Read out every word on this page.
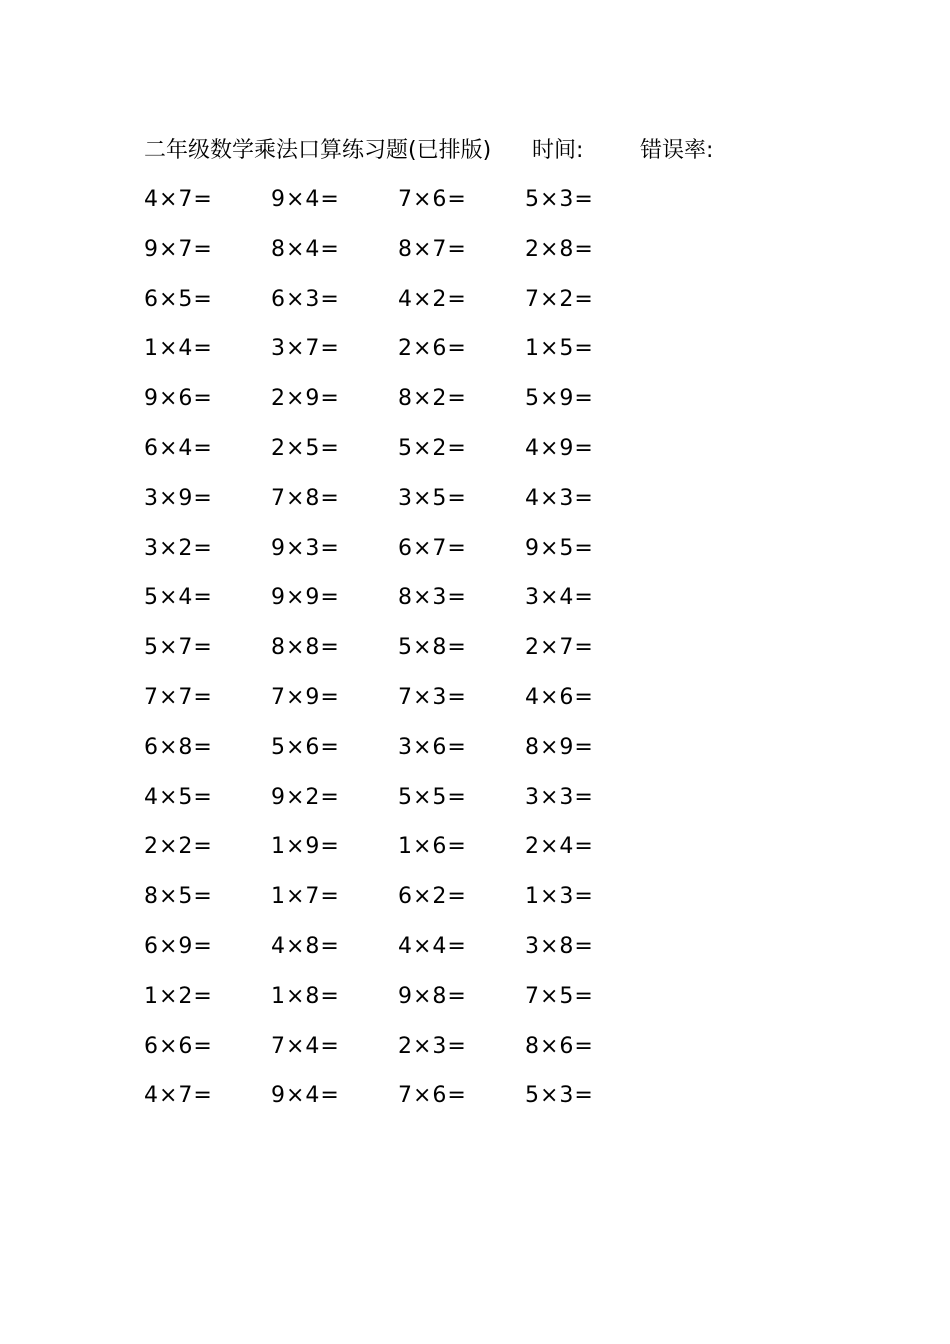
二年级数学乘法口算练习题(已排版) 时间:	错误率:
4×7=	9×4=	7×6=	5×3=
9×7=	8×4=	8×7=	2×8=
6×5=	6×3=	4×2=	7×2=
1×4=	3×7=	2×6=	1×5=
9×6=	2×9=	8×2=	5×9=
6×4=	2×5=	5×2=	4×9=
3×9=	7×8=	3×5=	4×3=
3×2=	9×3=	6×7=	9×5=
5×4=	9×9=	8×3=	3×4=
5×7=	8×8=	5×8=	2×7=
7×7=	7×9=	7×3=	4×6=
6×8=	5×6=	3×6=	8×9=
4×5=	9×2=	5×5=	3×3=
2×2=	1×9=	1×6=	2×4=
8×5=	1×7=	6×2=	1×3=
6×9=	4×8=	4×4=	3×8=
1×2=	1×8=	9×8=	7×5=
6×6=	7×4=	2×3=	8×6=
4×7=	9×4=	7×6=	5×3=
